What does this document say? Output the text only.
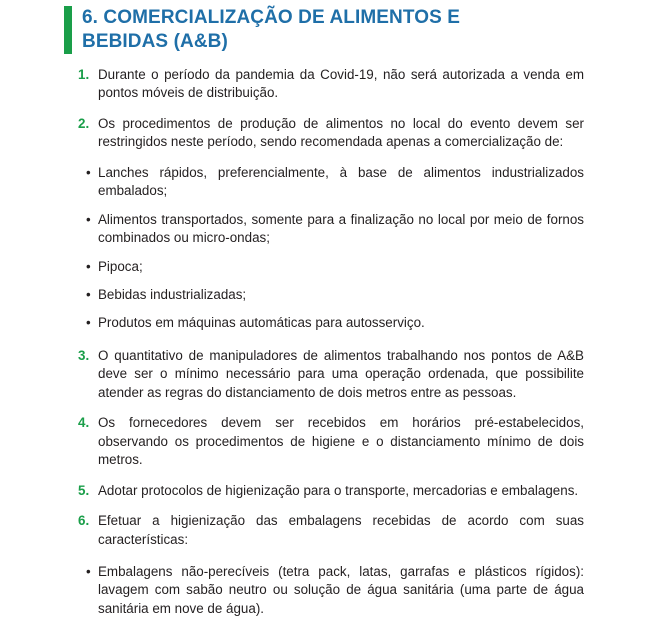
6. COMERCIALIZAÇÃO DE ALIMENTOS E
BEBIDAS (A&B)
1. Durante o período da pandemia da Covid-19, não será autorizada a venda em pontos móveis de distribuição.
2. Os procedimentos de produção de alimentos no local do evento devem ser restringidos neste período, sendo recomendada apenas a comercialização de:
• Lanches rápidos, preferencialmente, à base de alimentos industrializados embalados;
• Alimentos transportados, somente para a finalização no local por meio de fornos combinados ou micro-ondas;
• Pipoca;
• Bebidas industrializadas;
• Produtos em máquinas automáticas para autosserviço.
3. O quantitativo de manipuladores de alimentos trabalhando nos pontos de A&B deve ser o mínimo necessário para uma operação ordenada, que possibilite atender as regras do distanciamento de dois metros entre as pessoas.
4. Os fornecedores devem ser recebidos em horários pré-estabelecidos, observando os procedimentos de higiene e o distanciamento mínimo de dois metros.
5. Adotar protocolos de higienização para o transporte, mercadorias e embalagens.
6. Efetuar a higienização das embalagens recebidas de acordo com suas características:
• Embalagens não-perecíveis (tetra pack, latas, garrafas e plásticos rígidos): lavagem com sabão neutro ou solução de água sanitária (uma parte de água sanitária em nove de água).
